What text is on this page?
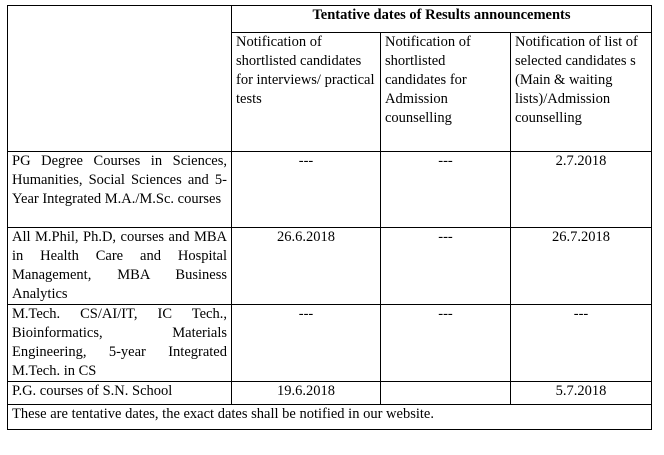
	Tentative dates of Results announcements		
	Notification of shortlisted candidates for interviews/ practical tests	Notification of shortlisted candidates for Admission counselling	Notification of list of selected candidates s (Main & waiting lists)/Admission counselling
PG Degree Courses in Sciences, Humanities, Social Sciences and 5-Year Integrated M.A./M.Sc. courses	---	---	2.7.2018
All M.Phil, Ph.D, courses and MBA in Health Care and Hospital Management, MBA Business Analytics	26.6.2018	---	26.7.2018
M.Tech. CS/AI/IT, IC Tech., Bioinformatics, Materials Engineering, 5-year Integrated M.Tech. in CS	---	---	---
P.G. courses of S.N. School	19.6.2018		5.7.2018
These are tentative dates, the exact dates shall be notified in our website.			
